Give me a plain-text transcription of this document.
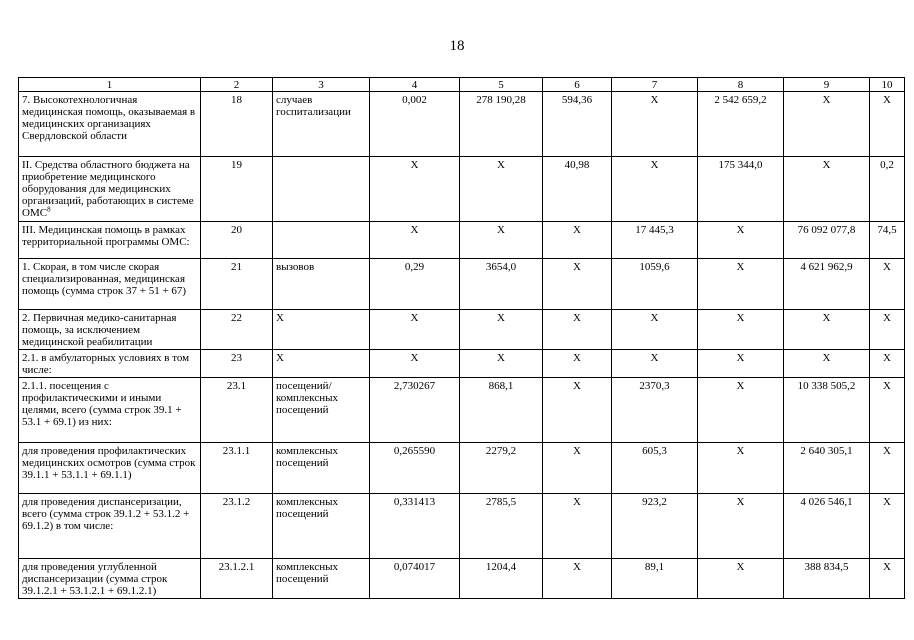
18
1	2	3	4	5	6	7	8	9	10
7. Высокотехнологичная медицинская помощь, оказываемая в медицинских организациях Свердловской области	18	случаев госпитализации	0,002	278 190,28	594,36	Х	2 542 659,2	Х	Х
II. Средства областного бюджета на приобретение медицинского оборудования для медицинских организаций, работающих в системе ОМС$^8$	19		Х	Х	40,98	Х	175 344,0	Х	0,2
III. Медицинская помощь в рамках территориальной программы ОМС:	20		Х	Х	Х	17 445,3	Х	76 092 077,8	74,5
1. Скорая, в том числе скорая специализированная, медицинская помощь (сумма строк 37 + 51 + 67)	21	вызовов	0,29	3654,0	Х	1059,6	Х	4 621 962,9	Х
2. Первичная медико-санитарная помощь, за исключением медицинской реабилитации	22	Х	Х	Х	Х	Х	Х	Х	Х
2.1. в амбулаторных условиях в том числе:	23	Х	Х	Х	Х	Х	Х	Х	Х
2.1.1. посещения с профилактическими и иными целями, всего (сумма строк 39.1 + 53.1 + 69.1) из них:	23.1	посещений/ комплексных посещений	2,730267	868,1	Х	2370,3	Х	10 338 505,2	Х
для проведения профилактических медицинских осмотров (сумма строк 39.1.1 + 53.1.1 + 69.1.1)	23.1.1	комплексных посещений	0,265590	2279,2	Х	605,3	Х	2 640 305,1	Х
для проведения диспансеризации, всего (сумма строк 39.1.2 + 53.1.2 + 69.1.2) в том числе:	23.1.2	комплексных посещений	0,331413	2785,5	Х	923,2	Х	4 026 546,1	Х
для проведения углубленной диспансеризации (сумма строк 39.1.2.1 + 53.1.2.1 + 69.1.2.1)	23.1.2.1	комплексных посещений	0,074017	1204,4	Х	89,1	Х	388 834,5	Х
